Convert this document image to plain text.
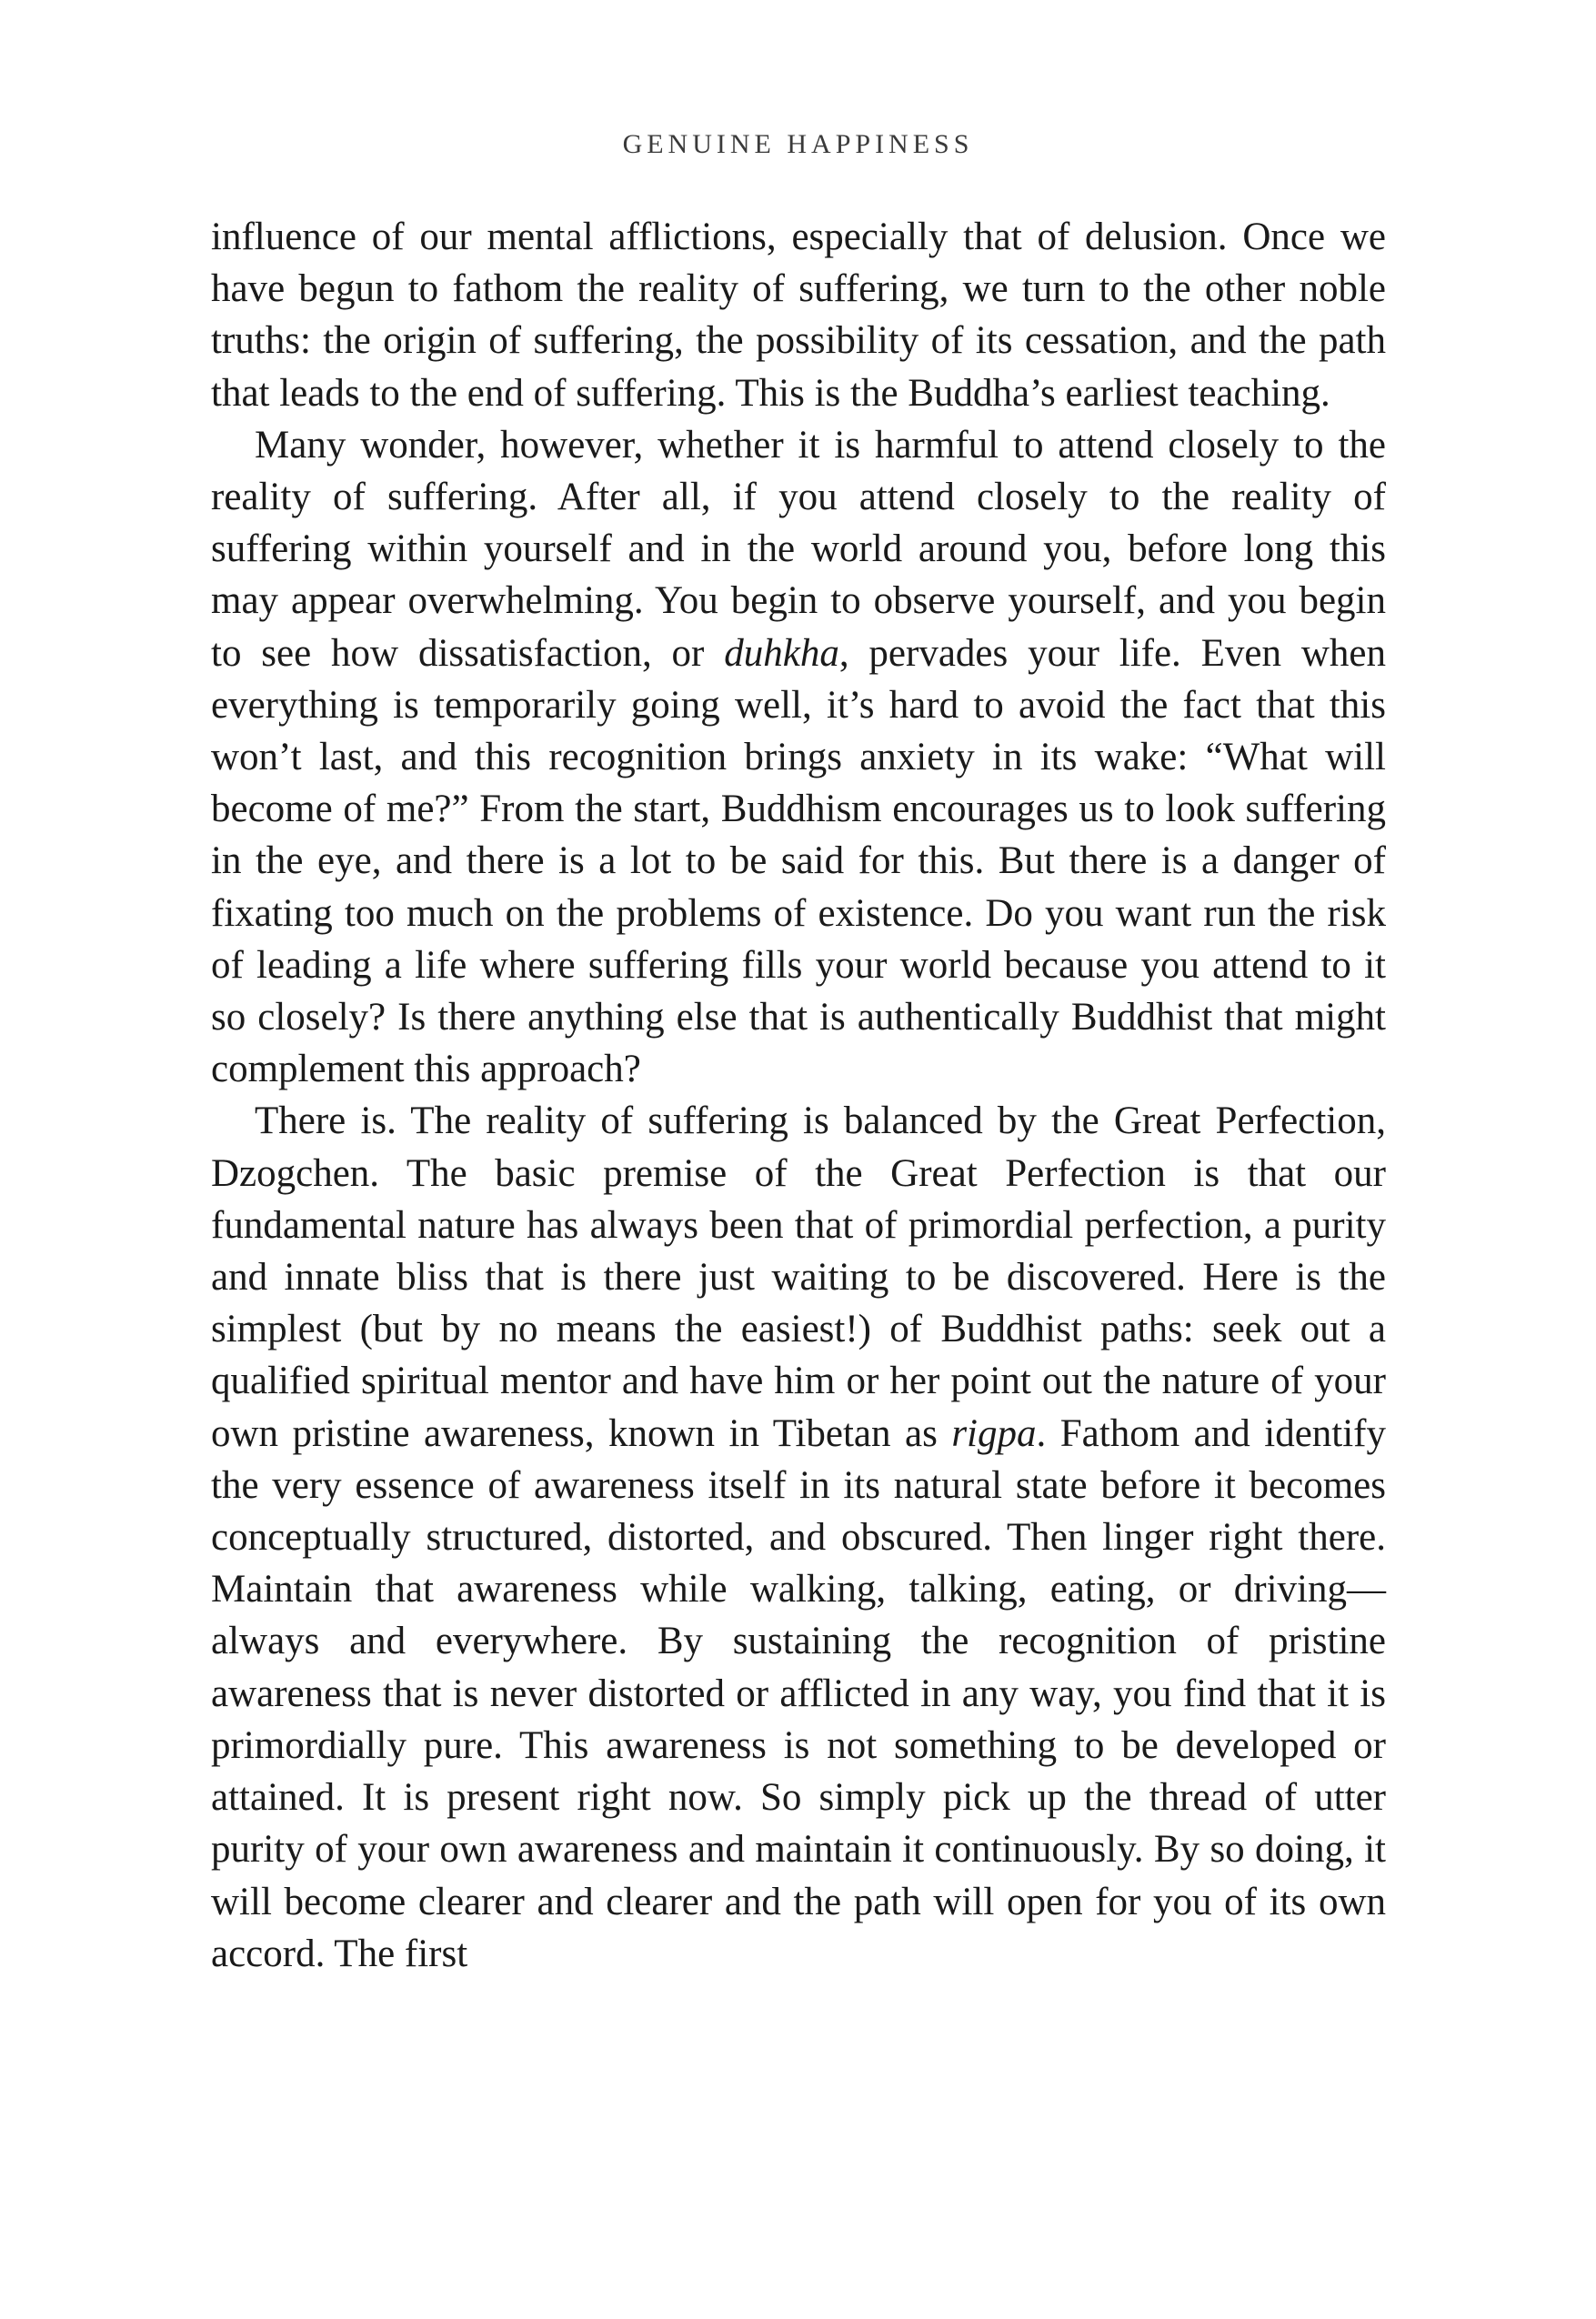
GENUINE HAPPINESS

influence of our mental afflictions, especially that of delusion. Once we have begun to fathom the reality of suffering, we turn to the other noble truths: the origin of suffering, the possibility of its cessation, and the path that leads to the end of suffering. This is the Buddha’s earliest teaching.

Many wonder, however, whether it is harmful to attend closely to the reality of suffering. After all, if you attend closely to the reality of suffering within yourself and in the world around you, before long this may appear overwhelming. You begin to observe yourself, and you begin to see how dissatisfaction, or duhkha, pervades your life. Even when everything is temporarily going well, it’s hard to avoid the fact that this won’t last, and this recognition brings anxiety in its wake: “What will become of me?” From the start, Buddhism encourages us to look suffering in the eye, and there is a lot to be said for this. But there is a danger of fixating too much on the problems of existence. Do you want run the risk of leading a life where suffering fills your world because you attend to it so closely? Is there anything else that is authentically Buddhist that might complement this approach?

There is. The reality of suffering is balanced by the Great Perfection, Dzogchen. The basic premise of the Great Perfection is that our fundamental nature has always been that of primordial perfection, a purity and innate bliss that is there just waiting to be discovered. Here is the simplest (but by no means the easiest!) of Buddhist paths: seek out a qualified spiritual mentor and have him or her point out the nature of your own pristine awareness, known in Tibetan as rigpa. Fathom and identify the very essence of awareness itself in its natural state before it becomes conceptually structured, distorted, and obscured. Then linger right there. Maintain that awareness while walking, talking, eating, or driving—always and everywhere. By sustaining the recognition of pristine awareness that is never distorted or afflicted in any way, you find that it is primordially pure. This awareness is not something to be developed or attained. It is present right now. So simply pick up the thread of utter purity of your own awareness and maintain it continuously. By so doing, it will become clearer and clearer and the path will open for you of its own accord. The first
